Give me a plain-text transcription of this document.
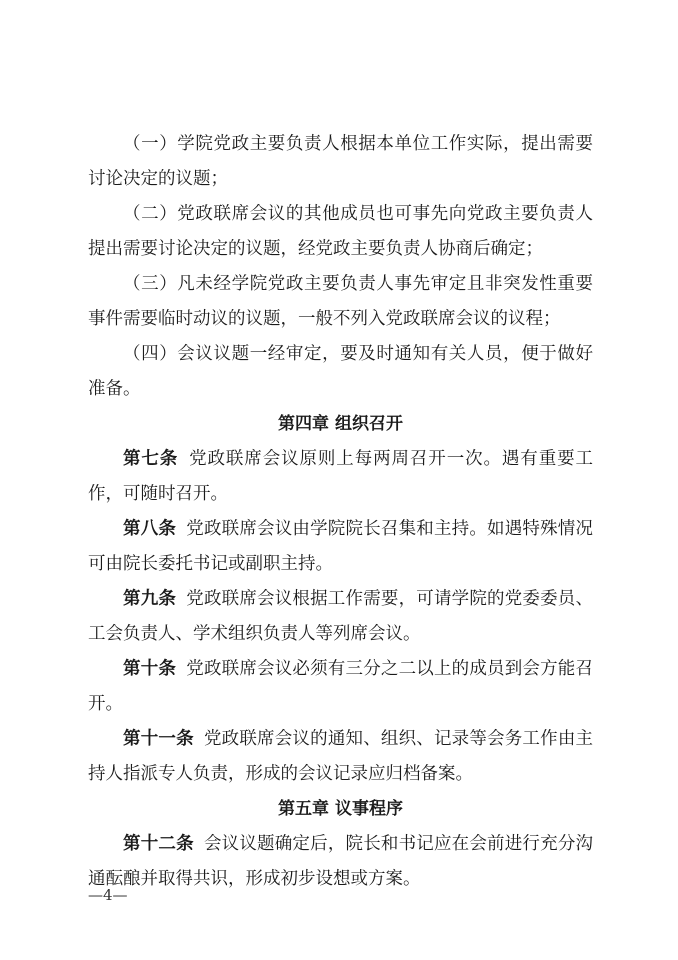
（一）学院党政主要负责人根据本单位工作实际，提出需要讨论决定的议题；

（二）党政联席会议的其他成员也可事先向党政主要负责人提出需要讨论决定的议题，经党政主要负责人协商后确定；

（三）凡未经学院党政主要负责人事先审定且非突发性重要事件需要临时动议的议题，一般不列入党政联席会议的议程；

（四）会议议题一经审定，要及时通知有关人员，便于做好准备。

第四章 组织召开

第七条 党政联席会议原则上每两周召开一次。遇有重要工作，可随时召开。

第八条 党政联席会议由学院院长召集和主持。如遇特殊情况可由院长委托书记或副职主持。

第九条 党政联席会议根据工作需要，可请学院的党委委员、工会负责人、学术组织负责人等列席会议。

第十条 党政联席会议必须有三分之二以上的成员到会方能召开。

第十一条 党政联席会议的通知、组织、记录等会务工作由主持人指派专人负责，形成的会议记录应归档备案。

第五章 议事程序

第十二条 会议议题确定后，院长和书记应在会前进行充分沟通酝酿并取得共识，形成初步设想或方案。

—4—
